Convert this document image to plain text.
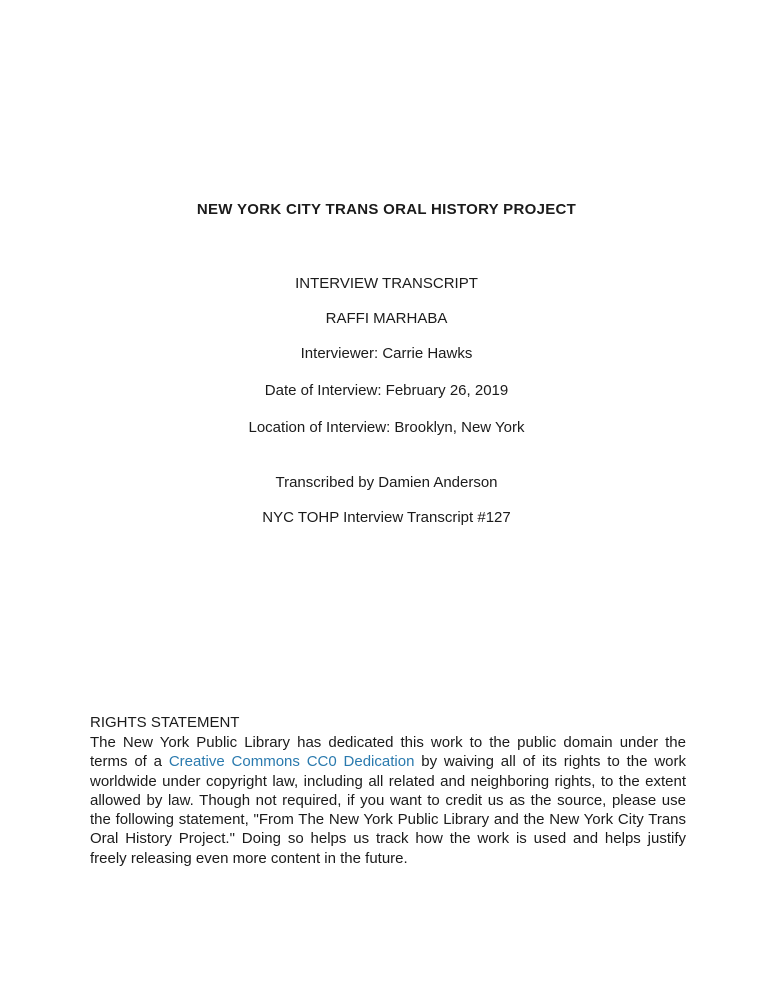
NEW YORK CITY TRANS ORAL HISTORY PROJECT
INTERVIEW TRANSCRIPT
RAFFI MARHABA
Interviewer: Carrie Hawks
Date of Interview: February 26, 2019
Location of Interview: Brooklyn, New York
Transcribed by Damien Anderson
NYC TOHP Interview Transcript #127
RIGHTS STATEMENT
The New York Public Library has dedicated this work to the public domain under the terms of a Creative Commons CC0 Dedication by waiving all of its rights to the work worldwide under copyright law, including all related and neighboring rights, to the extent allowed by law. Though not required, if you want to credit us as the source, please use the following statement, "From The New York Public Library and the New York City Trans Oral History Project." Doing so helps us track how the work is used and helps justify freely releasing even more content in the future.
